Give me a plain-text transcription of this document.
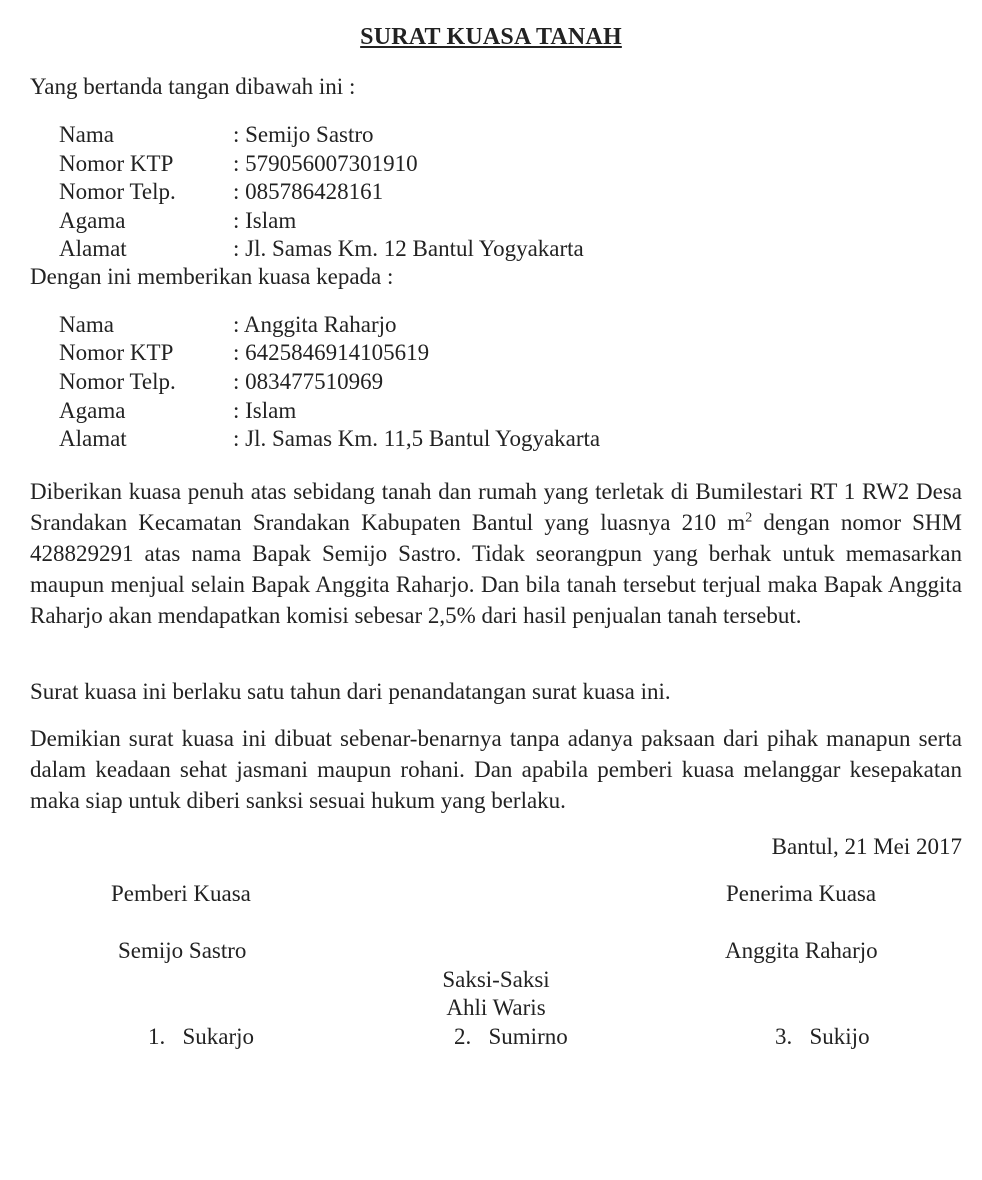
SURAT KUASA TANAH
Yang bertanda tangan dibawah ini :
Nama	: Semijo Sastro
Nomor KTP	: 579056007301910
Nomor Telp. : 085786428161
Agama	: Islam
Alamat	: Jl. Samas Km. 12 Bantul Yogyakarta
Dengan ini memberikan kuasa kepada :
Nama	: Anggita Raharjo
Nomor KTP	: 6425846914105619
Nomor Telp. : 083477510969
Agama	: Islam
Alamat	: Jl. Samas Km. 11,5 Bantul Yogyakarta
Diberikan kuasa penuh atas sebidang tanah dan rumah yang terletak di Bumilestari RT 1 RW2 Desa Srandakan Kecamatan Srandakan Kabupaten Bantul yang luasnya 210 $m^2$ dengan nomor SHM 428829291 atas nama Bapak Semijo Sastro. Tidak seorangpun yang berhak untuk memasarkan maupun menjual selain Bapak Anggita Raharjo. Dan bila tanah tersebut terjual maka Bapak Anggita Raharjo akan mendapatkan komisi sebesar 2,5% dari hasil penjualan tanah tersebut.
Surat kuasa ini berlaku satu tahun dari penandatangan surat kuasa ini.
Demikian surat kuasa ini dibuat sebenar-benarnya tanpa adanya paksaan dari pihak manapun serta dalam keadaan sehat jasmani maupun rohani. Dan apabila pemberi kuasa melanggar kesepakatan maka siap untuk diberi sanksi sesuai hukum yang berlaku.
Bantul, 21 Mei 2017
Pemberi Kuasa	Penerima Kuasa
Semijo Sastro	Anggita Raharjo
Saksi-Saksi
Ahli Waris
1.   Sukarjo	2.   Sumirno	3.   Sukijo
